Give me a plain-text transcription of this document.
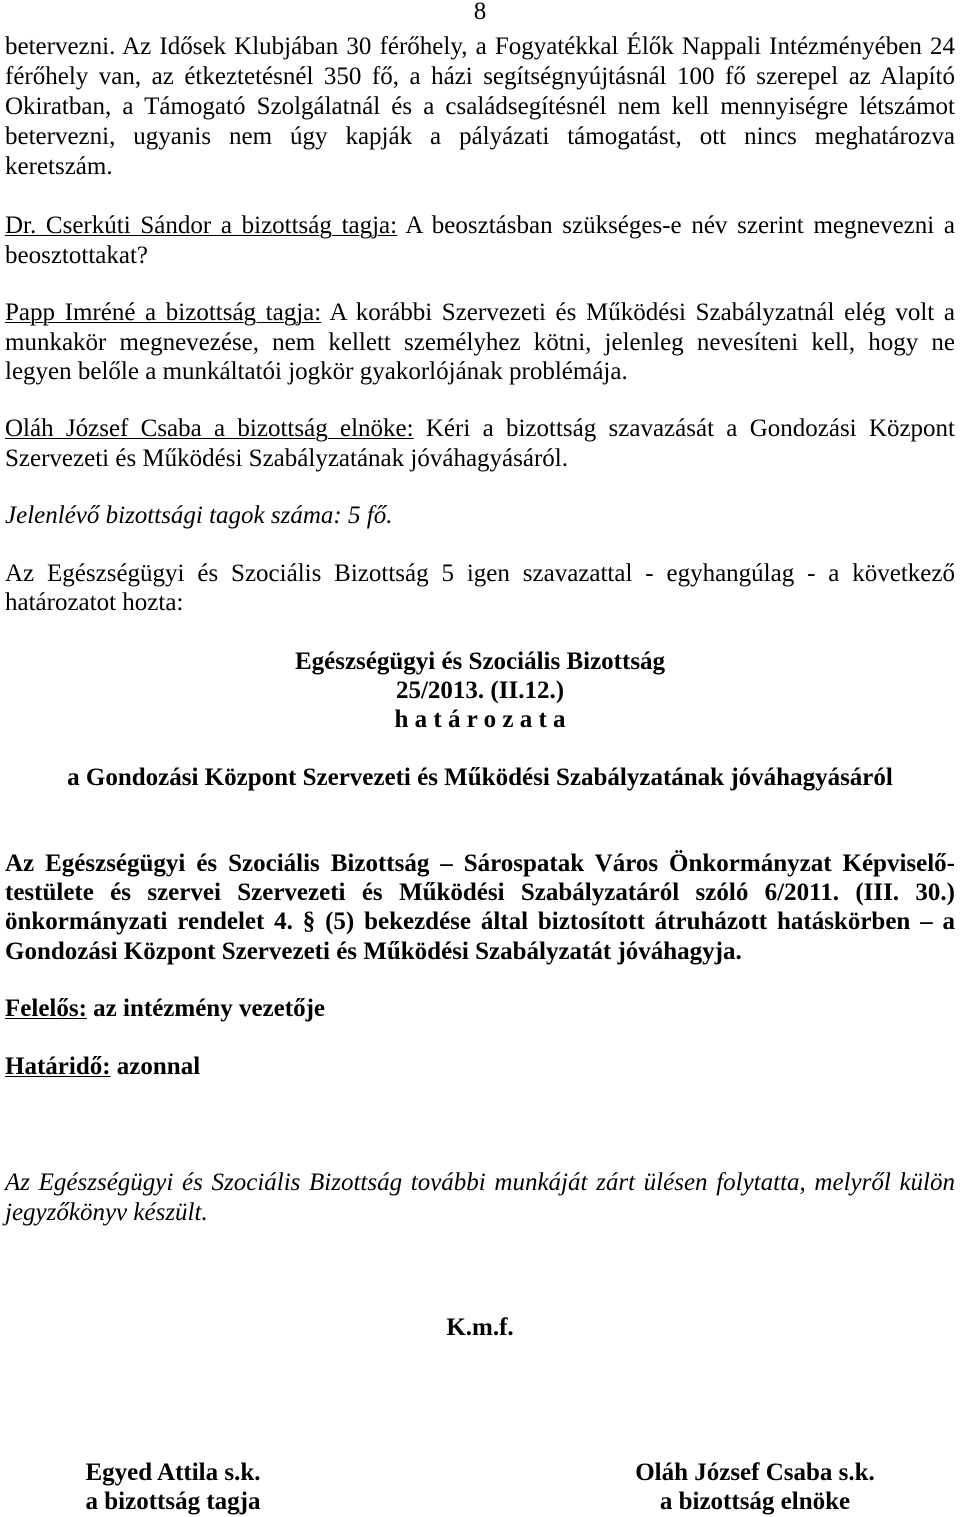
8
betervezni. Az Idősek Klubjában 30 férőhely, a Fogyatékkal Élők Nappali Intézményében 24
férőhely van, az étkeztetésnél 350 fő, a házi segítségnyújtásnál 100 fő szerepel az Alapító
Okiratban, a Támogató Szolgálatnál és a családsegítésnél nem kell mennyiségre létszámot
betervezni, ugyanis nem úgy kapják a pályázati támogatást, ott nincs meghatározva
keretszám.
Dr. Cserkúti Sándor a bizottság tagja: A beosztásban szükséges-e név szerint megnevezni a
beosztottakat?
Papp Imréné a bizottság tagja: A korábbi Szervezeti és Működési Szabályzatnál elég volt a
munkakör megnevezése, nem kellett személyhez kötni, jelenleg nevesíteni kell, hogy ne
legyen belőle a munkáltatói jogkör gyakorlójának problémája.
Oláh József Csaba a bizottság elnöke: Kéri a bizottság szavazását a Gondozási Központ
Szervezeti és Működési Szabályzatának jóváhagyásáról.
Jelenlévő bizottsági tagok száma: 5 fő.
Az Egészségügyi és Szociális Bizottság 5 igen szavazattal - egyhangúlag - a következő
határozatot hozta:
Egészségügyi és Szociális Bizottság
25/2013. (II.12.)
h a t á r o z a t a
a Gondozási Központ Szervezeti és Működési Szabályzatának jóváhagyásáról
Az Egészségügyi és Szociális Bizottság – Sárospatak Város Önkormányzat Képviselő-
testülete és szervei Szervezeti és Működési Szabályzatáról szóló 6/2011. (III. 30.)
önkormányzati rendelet 4. § (5) bekezdése által biztosított átruházott hatáskörben – a
Gondozási Központ Szervezeti és Működési Szabályzatát jóváhagyja.
Felelős: az intézmény vezetője
Határidő: azonnal
Az Egészségügyi és Szociális Bizottság további munkáját zárt ülésen folytatta, melyről külön
jegyzőkönyv készült.
K.m.f.
Egyed Attila s.k.
a bizottság tagja
Oláh József Csaba s.k.
a bizottság elnöke
